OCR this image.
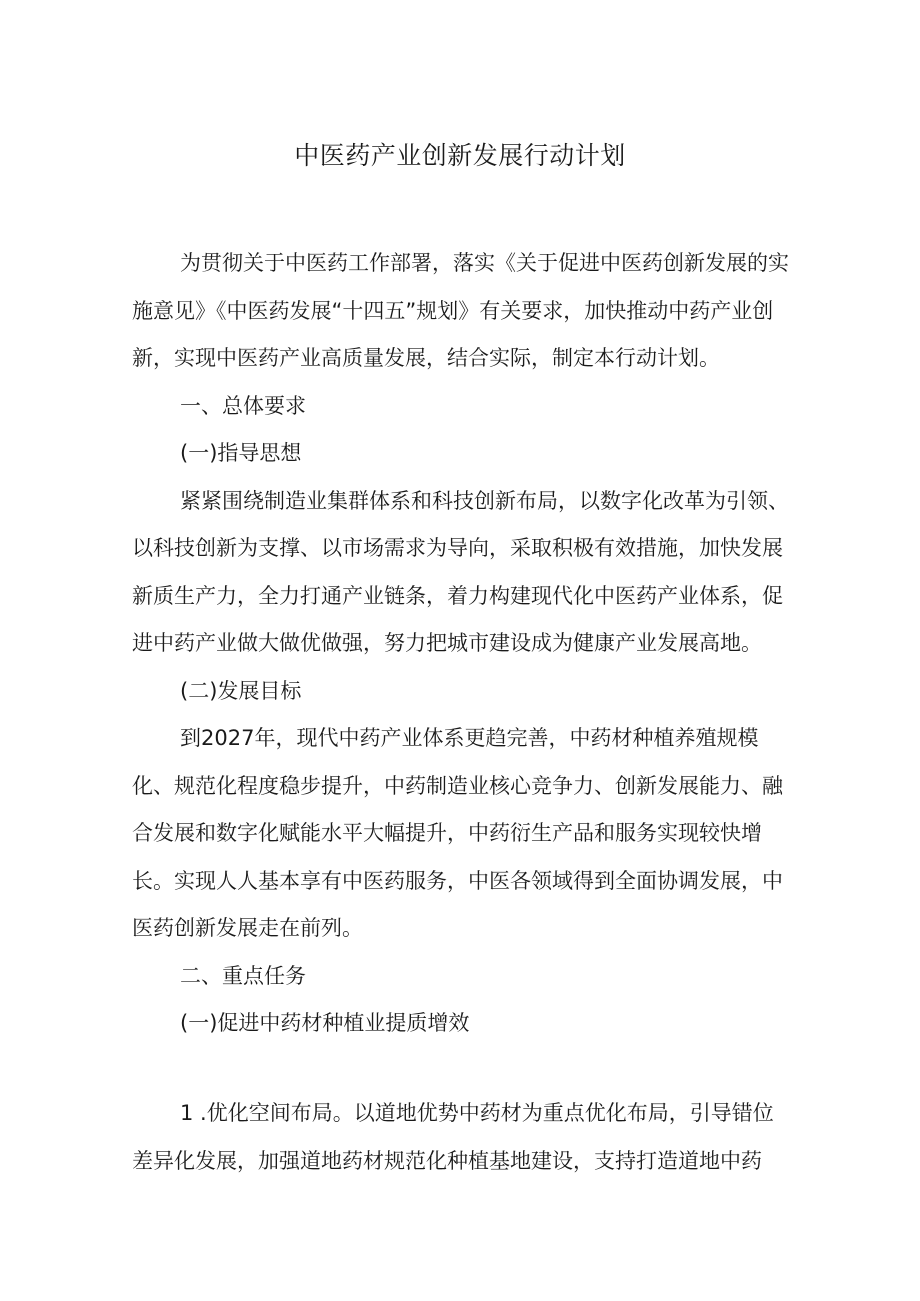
中医药产业创新发展行动计划

为贯彻关于中医药工作部署，落实《关于促进中医药创新发展的实施意见》《中医药发展“十四五”规划》有关要求，加快推动中药产业创新，实现中医药产业高质量发展，结合实际，制定本行动计划。

一、总体要求

(一)指导思想

紧紧围绕制造业集群体系和科技创新布局，以数字化改革为引领、以科技创新为支撑、以市场需求为导向，采取积极有效措施，加快发展新质生产力，全力打通产业链条，着力构建现代化中医药产业体系，促进中药产业做大做优做强，努力把城市建设成为健康产业发展高地。

(二)发展目标

到2027年，现代中药产业体系更趋完善，中药材种植养殖规模化、规范化程度稳步提升，中药制造业核心竞争力、创新发展能力、融合发展和数字化赋能水平大幅提升，中药衍生产品和服务实现较快增长。实现人人基本享有中医药服务，中医各领域得到全面协调发展，中医药创新发展走在前列。

二、重点任务

(一)促进中药材种植业提质增效

1 .优化空间布局。以道地优势中药材为重点优化布局，引导错位差异化发展，加强道地药材规范化种植基地建设，支持打造道地中药
